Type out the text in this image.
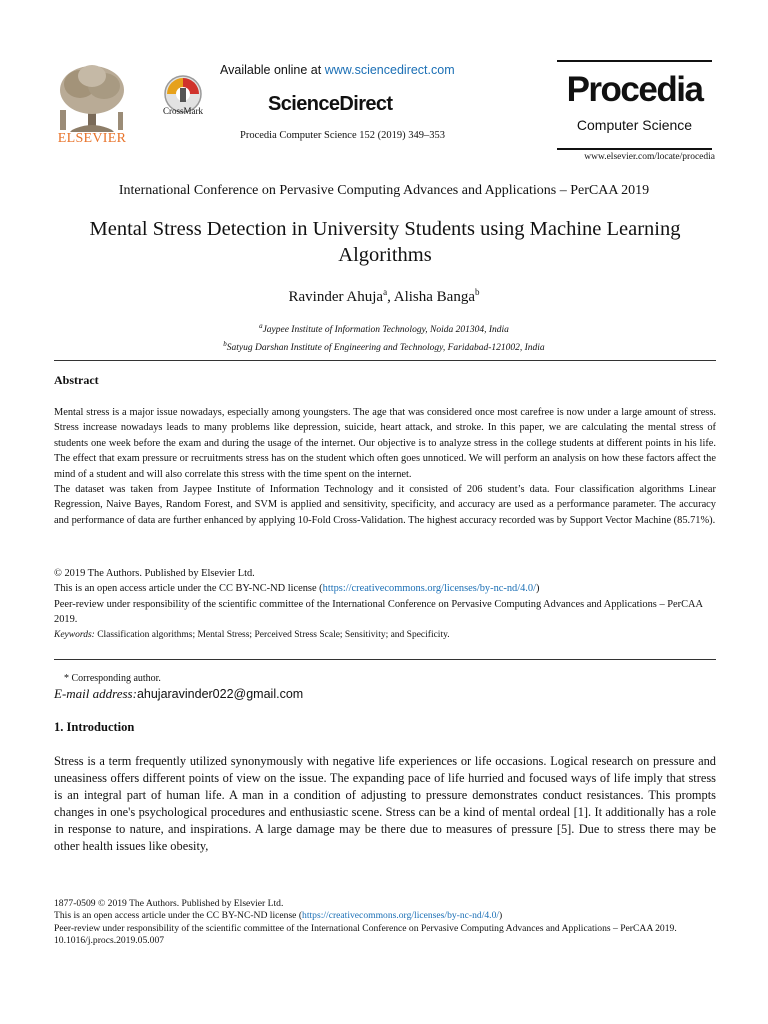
ELSEVIER
CrossMark
Available online at www.sciencedirect.com
ScienceDirect
Procedia Computer Science 152 (2019) 349–353
Procedia
Computer Science
www.elsevier.com/locate/procedia
International Conference on Pervasive Computing Advances and Applications – PerCAA 2019
Mental Stress Detection in University Students using Machine Learning Algorithms
Ravinder Ahuja$^a$, Alisha Banga$^b$
$^a$Jaypee Institute of Information Technology, Noida 201304, India
$^b$Satyug Darshan Institute of Engineering and Technology, Faridabad-121002, India
Abstract

Mental stress is a major issue nowadays, especially among youngsters. The age that was considered once most carefree is now under a large amount of stress. Stress increase nowadays leads to many problems like depression, suicide, heart attack, and stroke. In this paper, we are calculating the mental stress of students one week before the exam and during the usage of the internet. Our objective is to analyze stress in the college students at different points in his life. The effect that exam pressure or recruitments stress has on the student which often goes unnoticed. We will perform an analysis on how these factors affect the mind of a student and will also correlate this stress with the time spent on the internet.

The dataset was taken from Jaypee Institute of Information Technology and it consisted of 206 student’s data. Four classification algorithms Linear Regression, Naive Bayes, Random Forest, and SVM is applied and sensitivity, specificity, and accuracy are used as a performance parameter. The accuracy and performance of data are further enhanced by applying 10-Fold Cross-Validation. The highest accuracy recorded was by Support Vector Machine (85.71%).

© 2019 The Authors. Published by Elsevier Ltd.

This is an open access article under the CC BY-NC-ND license (https://creativecommons.org/licenses/by-nc-nd/4.0/)

Peer-review under responsibility of the scientific committee of the International Conference on Pervasive Computing Advances and Applications – PerCAA 2019.

Keywords: Classification algorithms; Mental Stress; Perceived Stress Scale; Sensitivity; and Specificity.
* Corresponding author.
E-mail address:ahujaravinder022@gmail.com
1. Introduction

Stress is a term frequently utilized synonymously with negative life experiences or life occasions. Logical research on pressure and uneasiness offers different points of view on the issue. The expanding pace of life hurried and focused ways of life imply that stress is an integral part of human life. A man in a condition of adjusting to pressure demonstrates conduct resistances. This prompts changes in one's psychological procedures and enthusiastic scene. Stress can be a kind of mental ordeal [1]. It additionally has a role in response to nature, and inspirations. A large damage may be there due to measures of pressure [5]. Due to stress there may be other health issues like obesity,

1877-0509 © 2019 The Authors. Published by Elsevier Ltd.

This is an open access article under the CC BY-NC-ND license (https://creativecommons.org/licenses/by-nc-nd/4.0/)

Peer-review under responsibility of the scientific committee of the International Conference on Pervasive Computing Advances and Applications – PerCAA 2019.

10.1016/j.procs.2019.05.007
